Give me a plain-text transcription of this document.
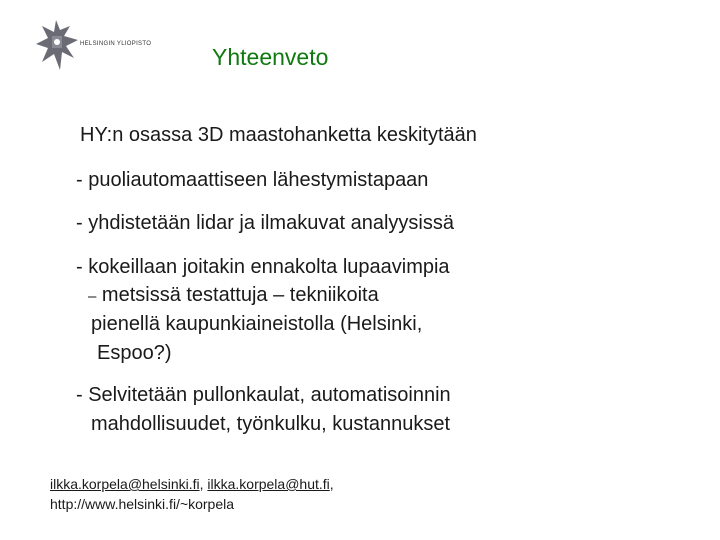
HELSINGIN YLIOPISTO	Yhteenveto
HY:n osassa 3D maastohanketta keskitytään
- puoliautomaattiseen lähestymistapaan
- yhdistetään lidar ja ilmakuvat analyysissä
- kokeillaan joitakin ennakolta lupaavimpia
– metsissä testattuja – tekniikoita
pienellä kaupunkiaineistolla (Helsinki,
Espoo?)
- Selvitetään pullonkaulat, automatisoinnin
mahdollisuudet, työnkulku, kustannukset
ilkka.korpela@helsinki.fi, ilkka.korpela@hut.fi,
http://www.helsinki.fi/~korpela
